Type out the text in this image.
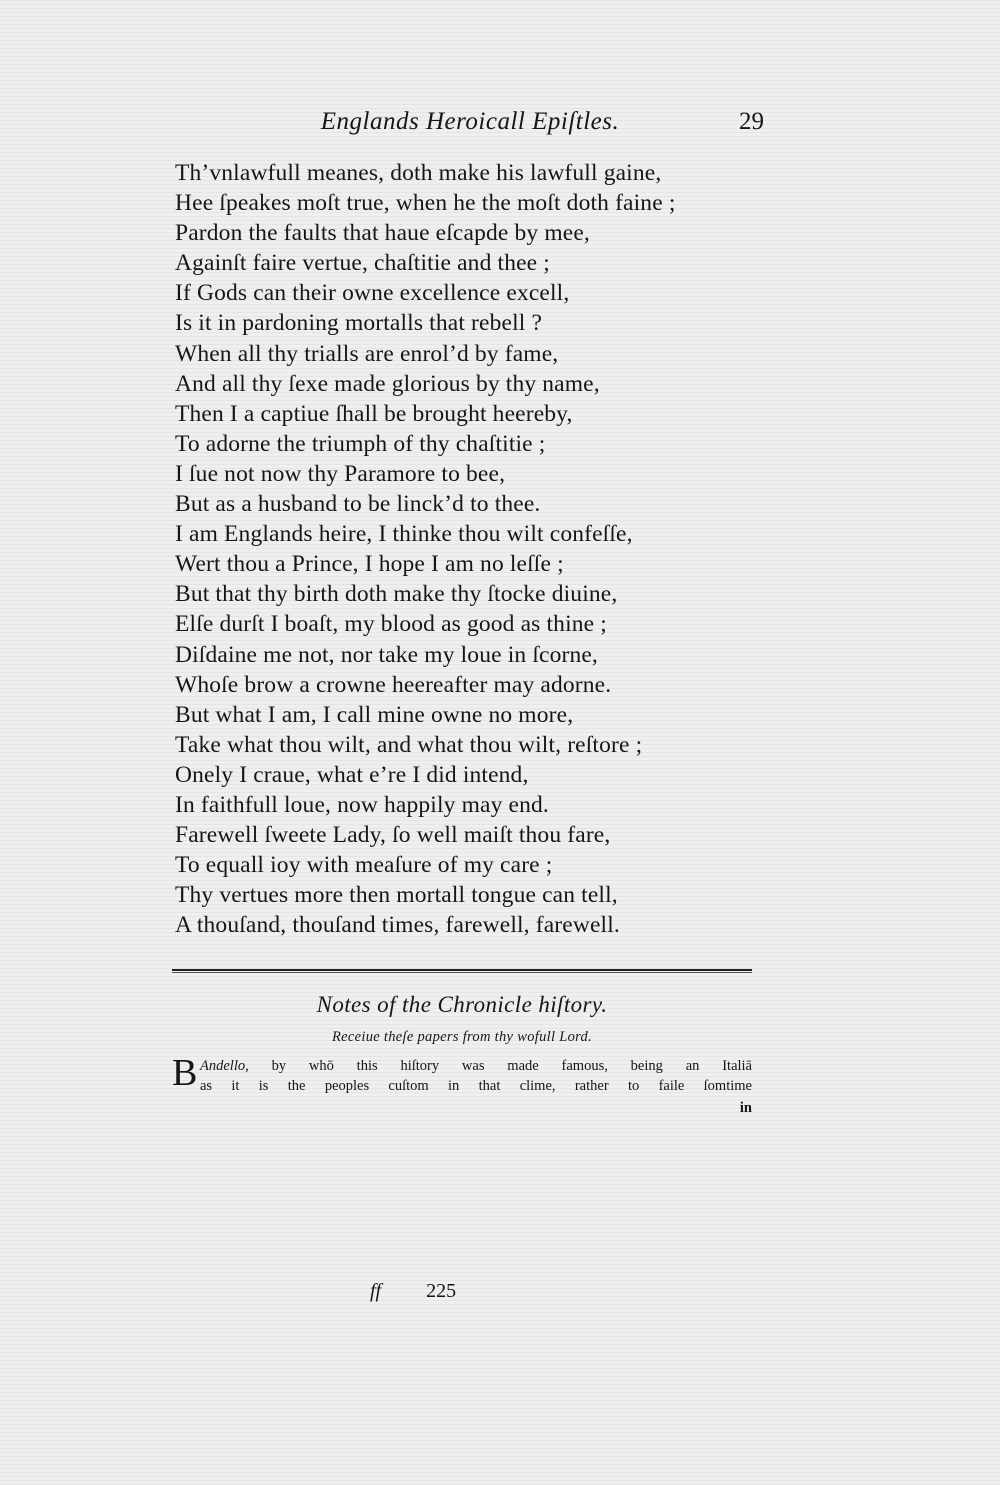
Englands Heroicall Epiſtles.	29
Th’vnlawfull meanes, doth make his lawfull gaine,
Hee ſpeakes moſt true, when he the moſt doth faine ;
Pardon the faults that haue eſcapde by mee,
Againſt faire vertue, chaſtitie and thee ;
If Gods can their owne excellence excell,
Is it in pardoning mortalls that rebell ?
When all thy trialls are enrol’d by fame,
And all thy ſexe made glorious by thy name,
Then I a captiue ſhall be brought heereby,
To adorne the triumph of thy chaſtitie ;
I ſue not now thy Paramore to bee,
But as a husband to be linck’d to thee.
I am Englands heire, I thinke thou wilt confeſſe,
Wert thou a Prince, I hope I am no leſſe ;
But that thy birth doth make thy ſtocke diuine,
Elſe durſt I boaſt, my blood as good as thine ;
Diſdaine me not, nor take my loue in ſcorne,
Whoſe brow a crowne heereafter may adorne.
But what I am, I call mine owne no more,
Take what thou wilt, and what thou wilt, reſtore ;
Onely I craue, what e’re I did intend,
In faithfull loue, now happily may end.
Farewell ſweete Lady, ſo well maiſt thou fare,
To equall ioy with meaſure of my care ;
Thy vertues more then mortall tongue can tell,
A thouſand, thouſand times, farewell, farewell.
Notes of the Chronicle hiſtory.
Receiue theſe papers from thy wofull Lord.
B Andello, by whō this hiſtory was made famous, being an Italiā
as it is the peoples cuſtom in that clime, rather to faile ſomtime
in
ff 225
